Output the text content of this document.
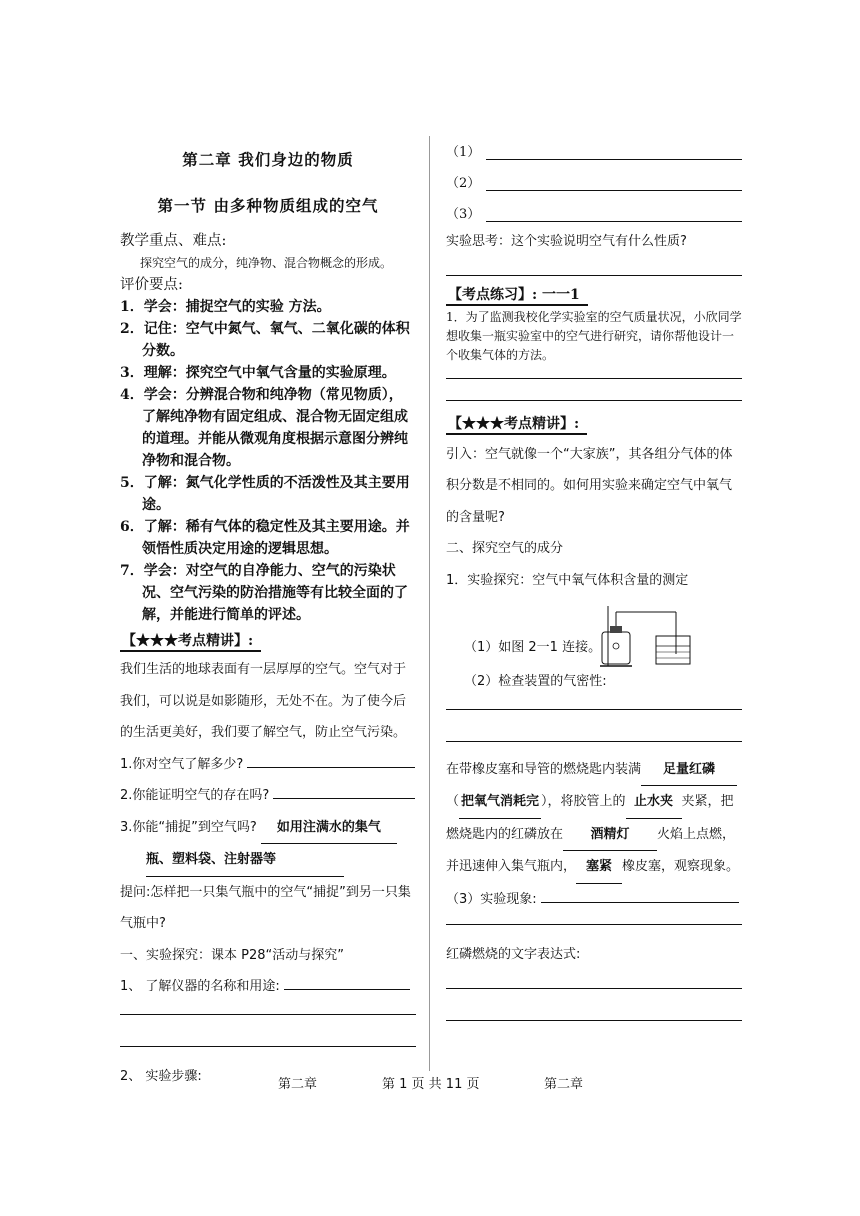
第二章 我们身边的物质
第一节 由多种物质组成的空气
教学重点、难点:
探究空气的成分，纯净物、混合物概念的形成。
评价要点:
1．学会：捕捉空气的实验 方法。
2．记住：空气中氮气、氧气、二氧化碳的体积分数。
3．理解：探究空气中氧气含量的实验原理。
4．学会：分辨混合物和纯净物（常见物质），了解纯净物有固定组成、混合物无固定组成的道理。并能从微观角度根据示意图分辨纯净物和混合物。
5．了解：氮气化学性质的不活泼性及其主要用途。
6．了解：稀有气体的稳定性及其主要用途。并领悟性质决定用途的逻辑思想。
7．学会：对空气的自净能力、空气的污染状况、空气污染的防治措施等有比较全面的了解，并能进行简单的评述。
【★★★考点精讲】:
我们生活的地球表面有一层厚厚的空气。空气对于我们，可以说是如影随形，无处不在。为了使今后的生活更美好，我们要了解空气，防止空气污染。
1.你对空气了解多少?
2.你能证明空气的存在吗?
3.你能“捕捉”到空气吗? 如用注满水的集气
瓶、塑料袋、注射器等
提问:怎样把一只集气瓶中的空气“捕捉”到另一只集气瓶中?
一、实验探究：课本 P28“活动与探究”
1、 了解仪器的名称和用途:
2、 实验步骤:
（1）
（2）
（3）
实验思考：这个实验说明空气有什么性质?
【考点练习】: 一一1
1．为了监测我校化学实验室的空气质量状况，小欣同学想收集一瓶实验室中的空气进行研究，请你帮他设计一个收集气体的方法。
【★★★考点精讲】:
引入：空气就像一个“大家族”，其各组分气体的体积分数是不相同的。如何用实验来确定空气中氧气的含量呢?
二、探究空气的成分
1．实验探究：空气中氧气体积含量的测定
（1）如图 2一1 连接。
（2）检查装置的气密性:
在带橡皮塞和导管的燃烧匙内装满 足量红磷
（ 把氧气消耗完 ），将胶管上的 止水夹 夹紧，把
燃烧匙内的红磷放在 酒精灯 火焰上点燃，
并迅速伸入集气瓶内， 塞紧 橡皮塞，观察现象。
（3）实验现象:
红磷燃烧的文字表达式:
第二章	第 1 页 共 11 页	第二章
